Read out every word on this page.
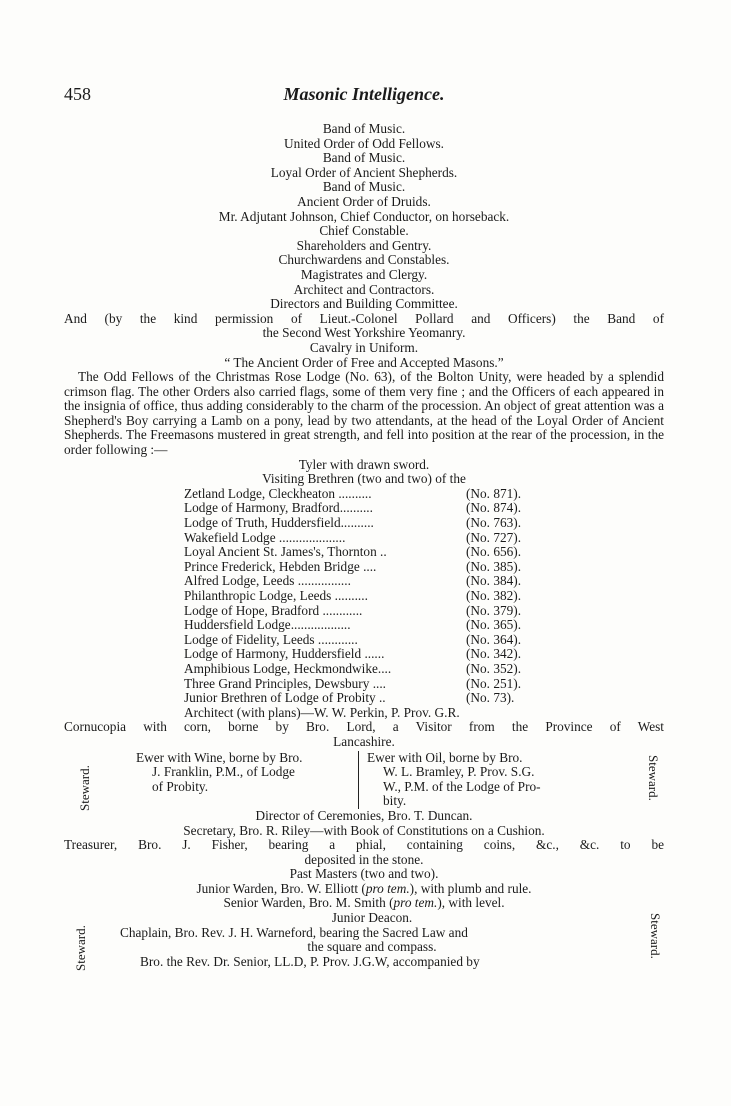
458	Masonic Intelligence.
Band of Music.
United Order of Odd Fellows.
Band of Music.
Loyal Order of Ancient Shepherds.
Band of Music.
Ancient Order of Druids.
Mr. Adjutant Johnson, Chief Conductor, on horseback.
Chief Constable.
Shareholders and Gentry.
Churchwardens and Constables.
Magistrates and Clergy.
Architect and Contractors.
Directors and Building Committee.
And (by the kind permission of Lieut.-Colonel Pollard and Officers) the Band of
the Second West Yorkshire Yeomanry.
Cavalry in Uniform.
“ The Ancient Order of Free and Accepted Masons.”
The Odd Fellows of the Christmas Rose Lodge (No. 63), of the Bolton Unity, were headed by a splendid crimson flag. The other Orders also carried flags, some of them very fine ; and the Officers of each appeared in the insignia of office, thus adding considerably to the charm of the procession. An object of great attention was a Shepherd's Boy carrying a Lamb on a pony, lead by two attendants, at the head of the Loyal Order of Ancient Shepherds. The Freemasons mustered in great strength, and fell into position at the rear of the procession, in the order following :—
Tyler with drawn sword.
Visiting Brethren (two and two) of the
Zetland Lodge, Cleckheaton ..........	(No. 871).
Lodge of Harmony, Bradford..........	(No. 874).
Lodge of Truth, Huddersfield..........	(No. 763).
Wakefield Lodge ....................	(No. 727).
Loyal Ancient St. James's, Thornton ..	(No. 656).
Prince Frederick, Hebden Bridge ....	(No. 385).
Alfred Lodge, Leeds ................	(No. 384).
Philanthropic Lodge, Leeds ..........	(No. 382).
Lodge of Hope, Bradford ............	(No. 379).
Huddersfield Lodge..................	(No. 365).
Lodge of Fidelity, Leeds ............	(No. 364).
Lodge of Harmony, Huddersfield ......	(No. 342).
Amphibious Lodge, Heckmondwike....	(No. 352).
Three Grand Principles, Dewsbury ....	(No. 251).
Junior Brethren of Lodge of Probity ..	(No. 73).
Architect (with plans)—W. W. Perkin, P. Prov. G.R.
Cornucopia with corn, borne by Bro. Lord, a Visitor from the Province of West
Lancashire.
Steward.
Ewer with Wine, borne by Bro.
J. Franklin, P.M., of Lodge
of Probity.

Ewer with Oil, borne by Bro.
W. L. Bramley, P. Prov. S.G.
W., P.M. of the Lodge of Pro-
bity.
Steward.
Director of Ceremonies, Bro. T. Duncan.
Secretary, Bro. R. Riley—with Book of Constitutions on a Cushion.
Treasurer, Bro. J. Fisher, bearing a phial, containing coins, &c., &c. to be
deposited in the stone.
Past Masters (two and two).
Junior Warden, Bro. W. Elliott (pro tem.), with plumb and rule.
Senior Warden, Bro. M. Smith (pro tem.), with level.
Steward.	Steward.
Junior Deacon.
Chaplain, Bro. Rev. J. H. Warneford, bearing the Sacred Law and
the square and compass.
Bro. the Rev. Dr. Senior, LL.D, P. Prov. J.G.W, accompanied by
